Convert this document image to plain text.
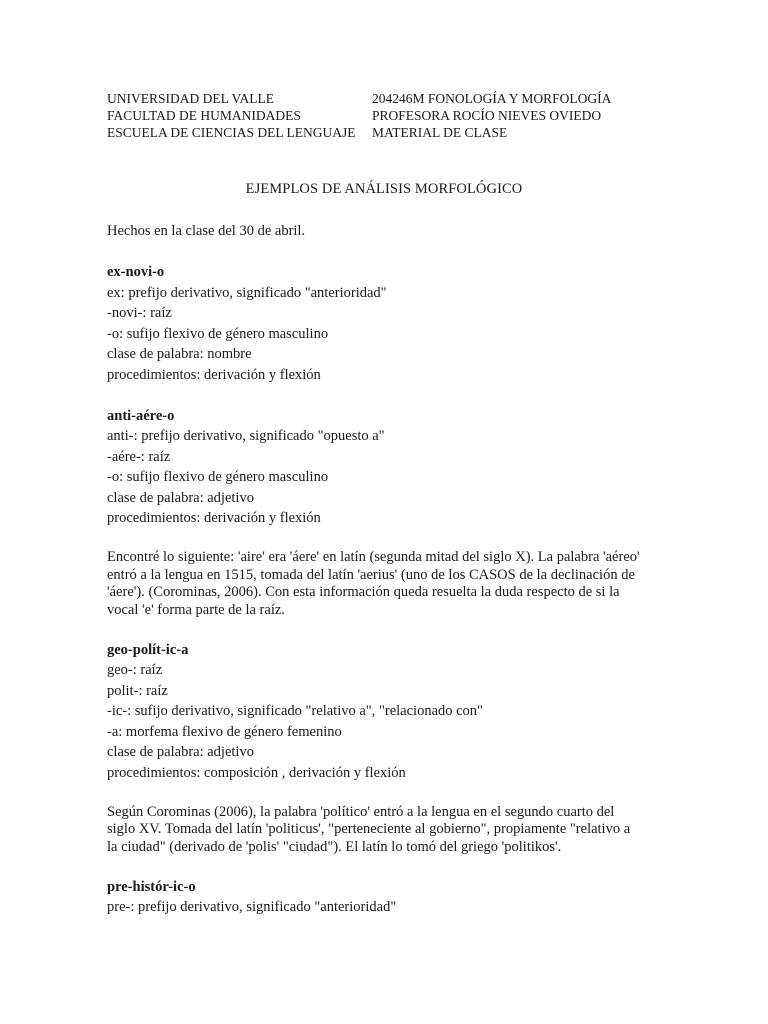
UNIVERSIDAD DEL VALLE
FACULTAD DE HUMANIDADES
ESCUELA DE CIENCIAS DEL LENGUAJE
204246M FONOLOGÍA Y MORFOLOGÍA
PROFESORA ROCÍO NIEVES OVIEDO
MATERIAL DE CLASE
EJEMPLOS DE ANÁLISIS MORFOLÓGICO

Hechos en la clase del 30 de abril.

ex-novi-o

ex: prefijo derivativo, significado "anterioridad"

-novi-: raíz

-o: sufijo flexivo de género masculino

clase de palabra: nombre

procedimientos: derivación y flexión

anti-aére-o

anti-: prefijo derivativo, significado "opuesto a"

-aére-: raíz

-o: sufijo flexivo de género masculino

clase de palabra: adjetivo

procedimientos: derivación y flexión

Encontré lo siguiente: 'aire' era 'áere' en latín (segunda mitad del siglo X). La palabra 'aéreo'

entró a la lengua en 1515, tomada del latín 'aerius' (uno de los CASOS de la declinación de

'áere'). (Corominas, 2006). Con esta información queda resuelta la duda respecto de si la

vocal 'e' forma parte de la raíz.

geo-polít-ic-a

geo-: raíz

polit-: raíz

-ic-: sufijo derivativo, significado "relativo a", "relacionado con"

-a: morfema flexivo de género femenino

clase de palabra: adjetivo

procedimientos: composición , derivación y flexión

Según Corominas (2006), la palabra 'político' entró a la lengua en el segundo cuarto del

siglo XV. Tomada del latín 'politicus', "perteneciente al gobierno", propiamente "relativo a

la ciudad" (derivado de 'polis' "ciudad"). El latín lo tomó del griego 'politikos'.

pre-histór-ic-o

pre-: prefijo derivativo, significado "anterioridad"
